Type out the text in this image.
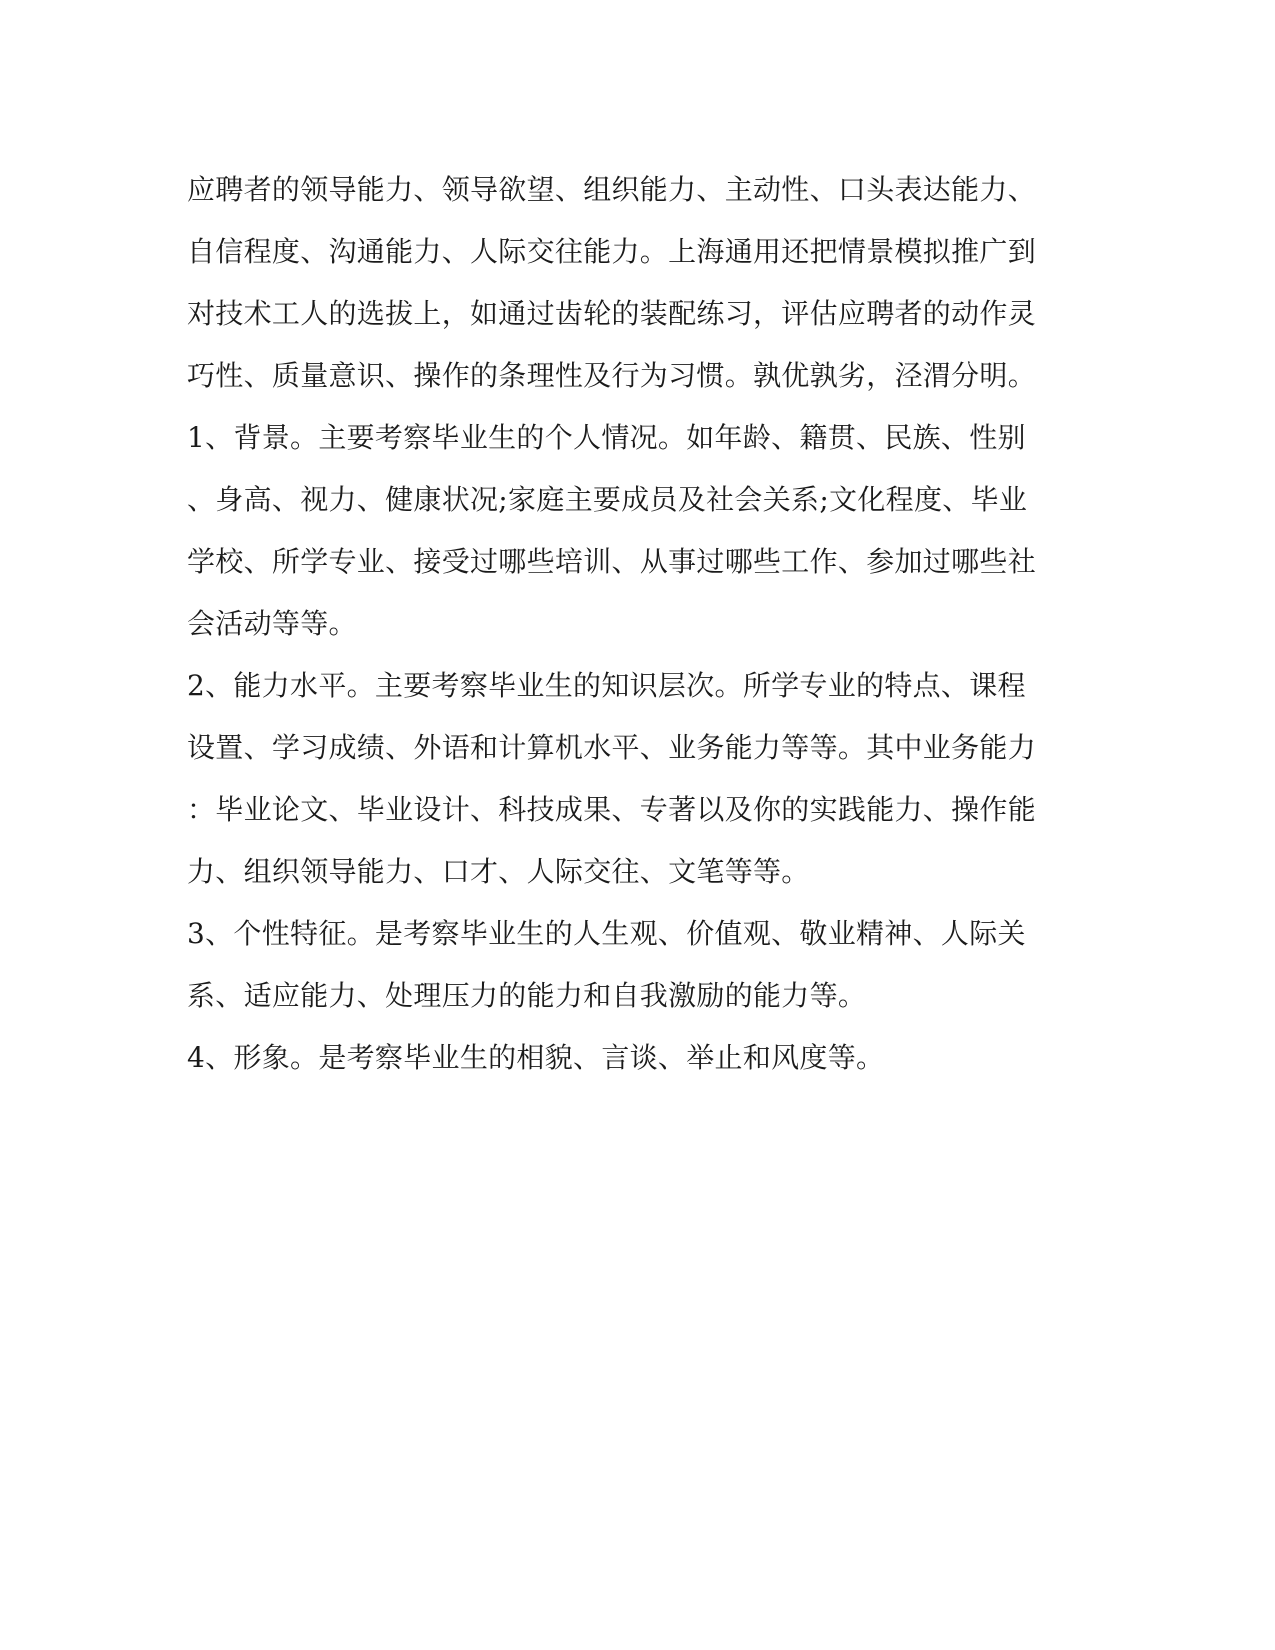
应聘者的领导能力、领导欲望、组织能力、主动性、口头表达能力、
自信程度、沟通能力、人际交往能力。上海通用还把情景模拟推广到
对技术工人的选拔上，如通过齿轮的装配练习，评估应聘者的动作灵
巧性、质量意识、操作的条理性及行为习惯。孰优孰劣，泾渭分明。
1、背景。主要考察毕业生的个人情况。如年龄、籍贯、民族、性别
、身高、视力、健康状况;家庭主要成员及社会关系;文化程度、毕业
学校、所学专业、接受过哪些培训、从事过哪些工作、参加过哪些社
会活动等等。
2、能力水平。主要考察毕业生的知识层次。所学专业的特点、课程
设置、学习成绩、外语和计算机水平、业务能力等等。其中业务能力
：毕业论文、毕业设计、科技成果、专著以及你的实践能力、操作能
力、组织领导能力、口才、人际交往、文笔等等。
3、个性特征。是考察毕业生的人生观、价值观、敬业精神、人际关
系、适应能力、处理压力的能力和自我激励的能力等。
4、形象。是考察毕业生的相貌、言谈、举止和风度等。
